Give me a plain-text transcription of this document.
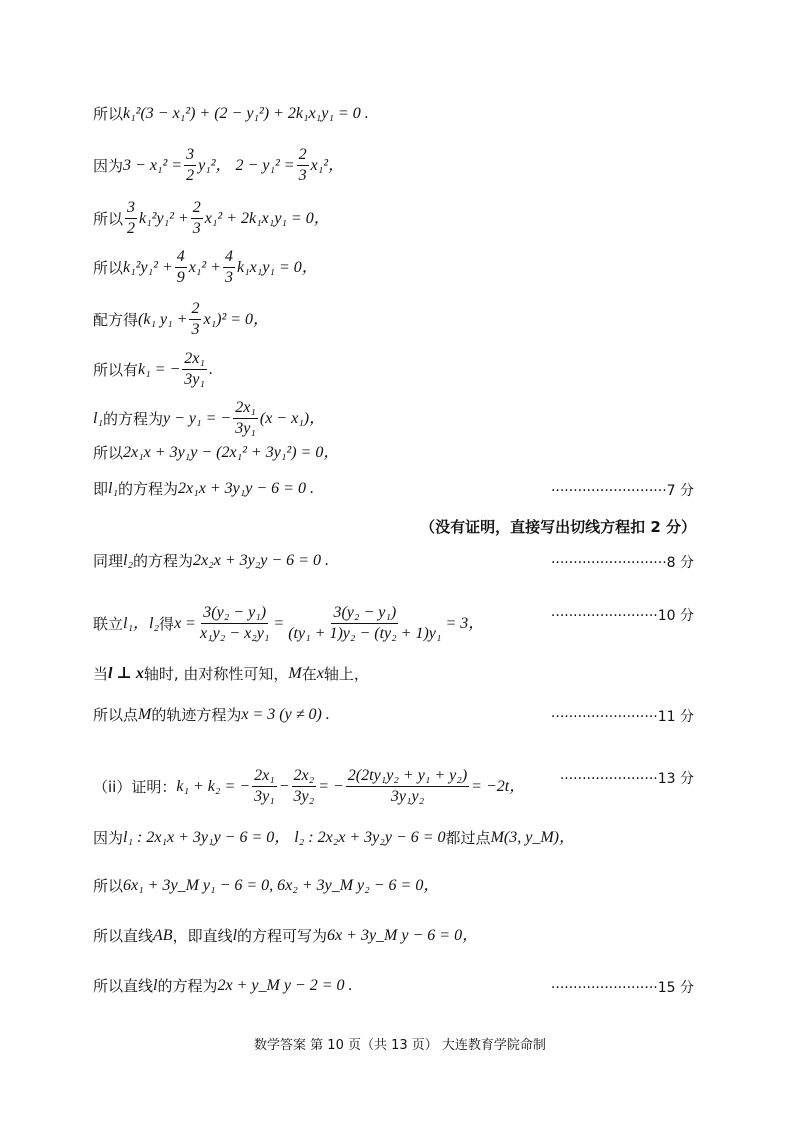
所以 k₁²(3 − x₁²) + (2 − y₁²) + 2k₁x₁y₁ = 0 .
因为 $3 - x_1^2 = \frac{3}{2} y_1^2$， $2 - y_1^2 = \frac{2}{3} x_1^2$，
所以 $\frac{3}{2} k_1^2y_1^2 + \frac{2}{3} x_1^2 + 2k_1x_1y_1 = 0$，
所以 $k_1^2y_1^2 + \frac{4}{9} x_1^2 + \frac{4}{3} k_1x_1y_1 = 0$，
配方得 (k₁ $y_1 + \frac{2}{3} x_1)^2 = 0$，
所以有 k₁ = − $\frac{\text{2x₁}}{\text{3y₁}}$ .
l₁ 的方程为 y − y₁ = − $\frac{\text{2x₁}}{\text{3y₁}} (x - x_1)$，
所以 2x₁x + 3y₁y − (2x₁² + 3y₁²) = 0，
即 l₁ 的方程为 2x₁x + 3y₁y − 6 = 0 .	··························7 分
（没有证明，直接写出切线方程扣 2 分）
同理 l₂ 的方程为 2x₂x + 3y₂y − 6 = 0 .	··························8 分
联立 l₁， l₂ 得 $x = \frac{\text{3(y₂ − y₁)}}{\text{x₁y₂ − x₂y₁}} = \frac{\text{3(y₂ − y₁)}}{\text{(ty₁ + 1)y₂ − (ty₂ + 1)y₁}} = 3$，	························10 分
当 l ⊥ x 轴时, 由对称性可知， M 在 x 轴上，
所以点 M 的轨迹方程为 x = 3 (y ≠ 0) .	························11 分
（ii）证明： k₁ + k₂ = − $\frac{\text{2x₁}}{\text{3y₁}} - \frac{\text{2x₂}}{\text{3y₂}}$ = − $\frac{\text{2(2ty₁y₂ + y₁ + y₂)}}{\text{3y₁y₂}} = -2t$， ······················13 分
因为 l₁ : 2x₁x + 3y₁y − 6 = 0， l₂ : 2x₂x + 3y₂y − 6 = 0 都过点 M(3, y_M)，
所以 6x₁ + 3y_M y₁ − 6 = 0, 6x₂ + 3y_M y₂ − 6 = 0，
所以直线 AB ，即直线 l 的方程可写为 6x + 3y_M y − 6 = 0，
所以直线 l 的方程为 2x + y_M y − 2 = 0 .	························15 分
数学答案 第 10 页（共 13 页） 大连教育学院命制
